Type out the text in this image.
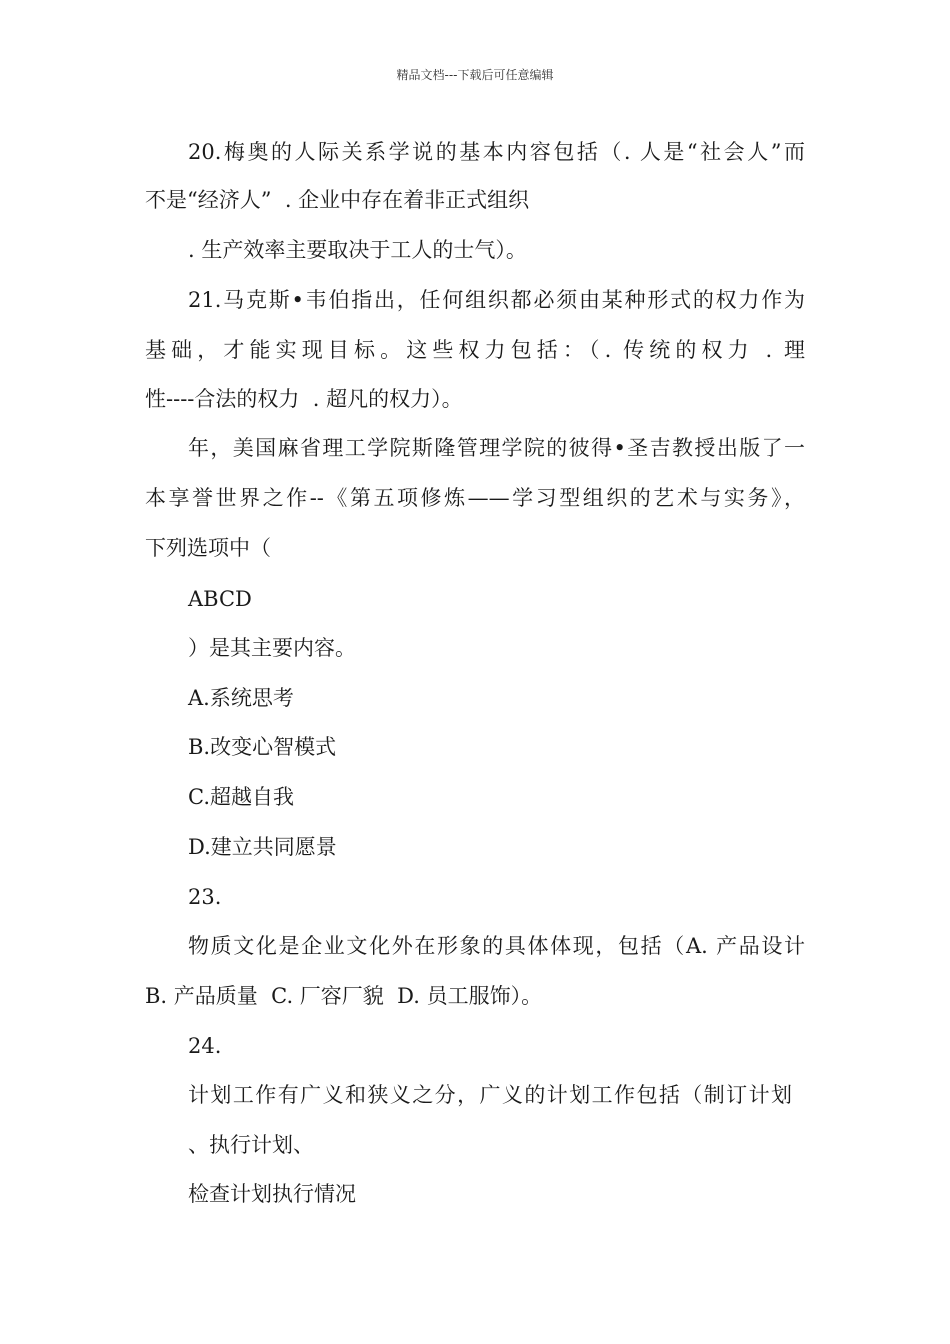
精品文档---下载后可任意编辑
20.梅奥的人际关系学说的基本内容包括（. 人是“社会人”而
不是“经济人”  . 企业中存在着非正式组织
. 生产效率主要取决于工人的士气）。
21.马克斯•韦伯指出，任何组织都必须由某种形式的权力作为
基础，才能实现目标。这些权力包括：（. 传统的权力 . 理
性----合法的权力  . 超凡的权力）。
年，美国麻省理工学院斯隆管理学院的彼得•圣吉教授出版了一
本享誉世界之作--《第五项修炼——学习型组织的艺术与实务》，
下列选项中（
ABCD
）是其主要内容。
A.系统思考
B.改变心智模式
C.超越自我
D.建立共同愿景
23.
物质文化是企业文化外在形象的具体体现，包括（A. 产品设计
B. 产品质量  C. 厂容厂貌  D. 员工服饰）。
24.
计划工作有广义和狭义之分，广义的计划工作包括（制订计划
、执行计划、
检查计划执行情况
